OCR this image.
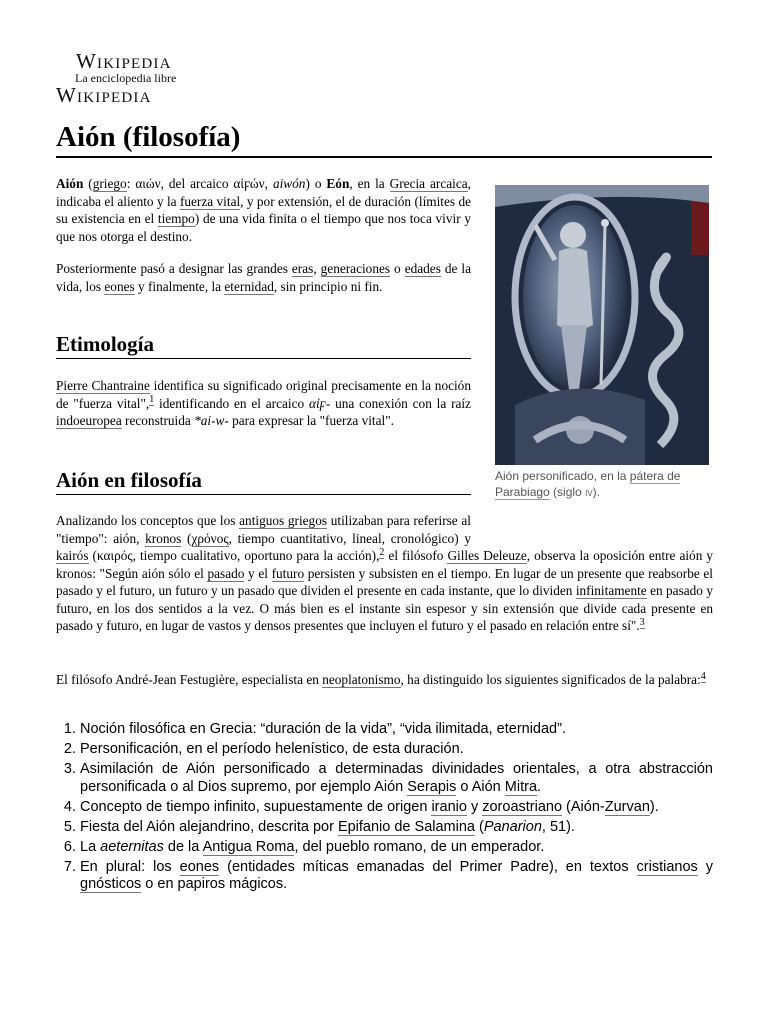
Wikipedia
La enciclopedia libre
Wikipedia
Aión (filosofía)

Aión (griego: αιών, del arcaico αἰϝών, aiwón) o Eón, en la Grecia arcaica, indicaba el aliento y la fuerza vital, y por extensión, el de duración (límites de su existencia en el tiempo) de una vida finita o el tiempo que nos toca vivir y que nos otorga el destino.

Posteriormente pasó a designar las grandes eras, generaciones o edades de la vida, los eones y finalmente, la eternidad, sin principio ni fin.

Etimología

Pierre Chantraine identifica su significado original precisamente en la noción de "fuerza vital",$^1$ identificando en el arcaico αἰϝ- una conexión con la raíz indoeuropea reconstruida *ai-w- para expresar la "fuerza vital".

Aión en filosofía	Aión personificado, en la pátera de Parabiago (siglo iv).

Analizando los conceptos que los antiguos griegos utilizaban para referirse al "tiempo": aión, kronos (χρόνος, tiempo cuantitativo, lineal, cronológico) y kairós (καιρός, tiempo cualitativo, oportuno para la acción),$^2$ el filósofo Gilles Deleuze, observa la oposición entre aión y kronos: "Según aión sólo el pasado y el futuro persisten y subsisten en el tiempo. En lugar de un presente que reabsorbe el pasado y el futuro, un futuro y un pasado que dividen el presente en cada instante, que lo dividen infinitamente en pasado y futuro, en los dos sentidos a la vez. O más bien es el instante sin espesor y sin extensión que divide cada presente en pasado y futuro, en lugar de vastos y densos presentes que incluyen el futuro y el pasado en relación entre sí".$^3$

El filósofo André-Jean Festugière, especialista en neoplatonismo, ha distinguido los siguientes significados de la palabra:$^4$

1. Noción filosófica en Grecia: “duración de la vida”, “vida ilimitada, eternidad”.
2. Personificación, en el período helenístico, de esta duración.
3. Asimilación de Aión personificado a determinadas divinidades orientales, a otra abstracción personificada o al Dios supremo, por ejemplo Aión Serapis o Aión Mitra.
4. Concepto de tiempo infinito, supuestamente de origen iranio y zoroastriano (Aión-Zurvan).
5. Fiesta del Aión alejandrino, descrita por Epifanio de Salamina (Panarion, 51).
6. La aeternitas de la Antigua Roma, del pueblo romano, de un emperador.
7. En plural: los eones (entidades míticas emanadas del Primer Padre), en textos cristianos y gnósticos o en papiros mágicos.
